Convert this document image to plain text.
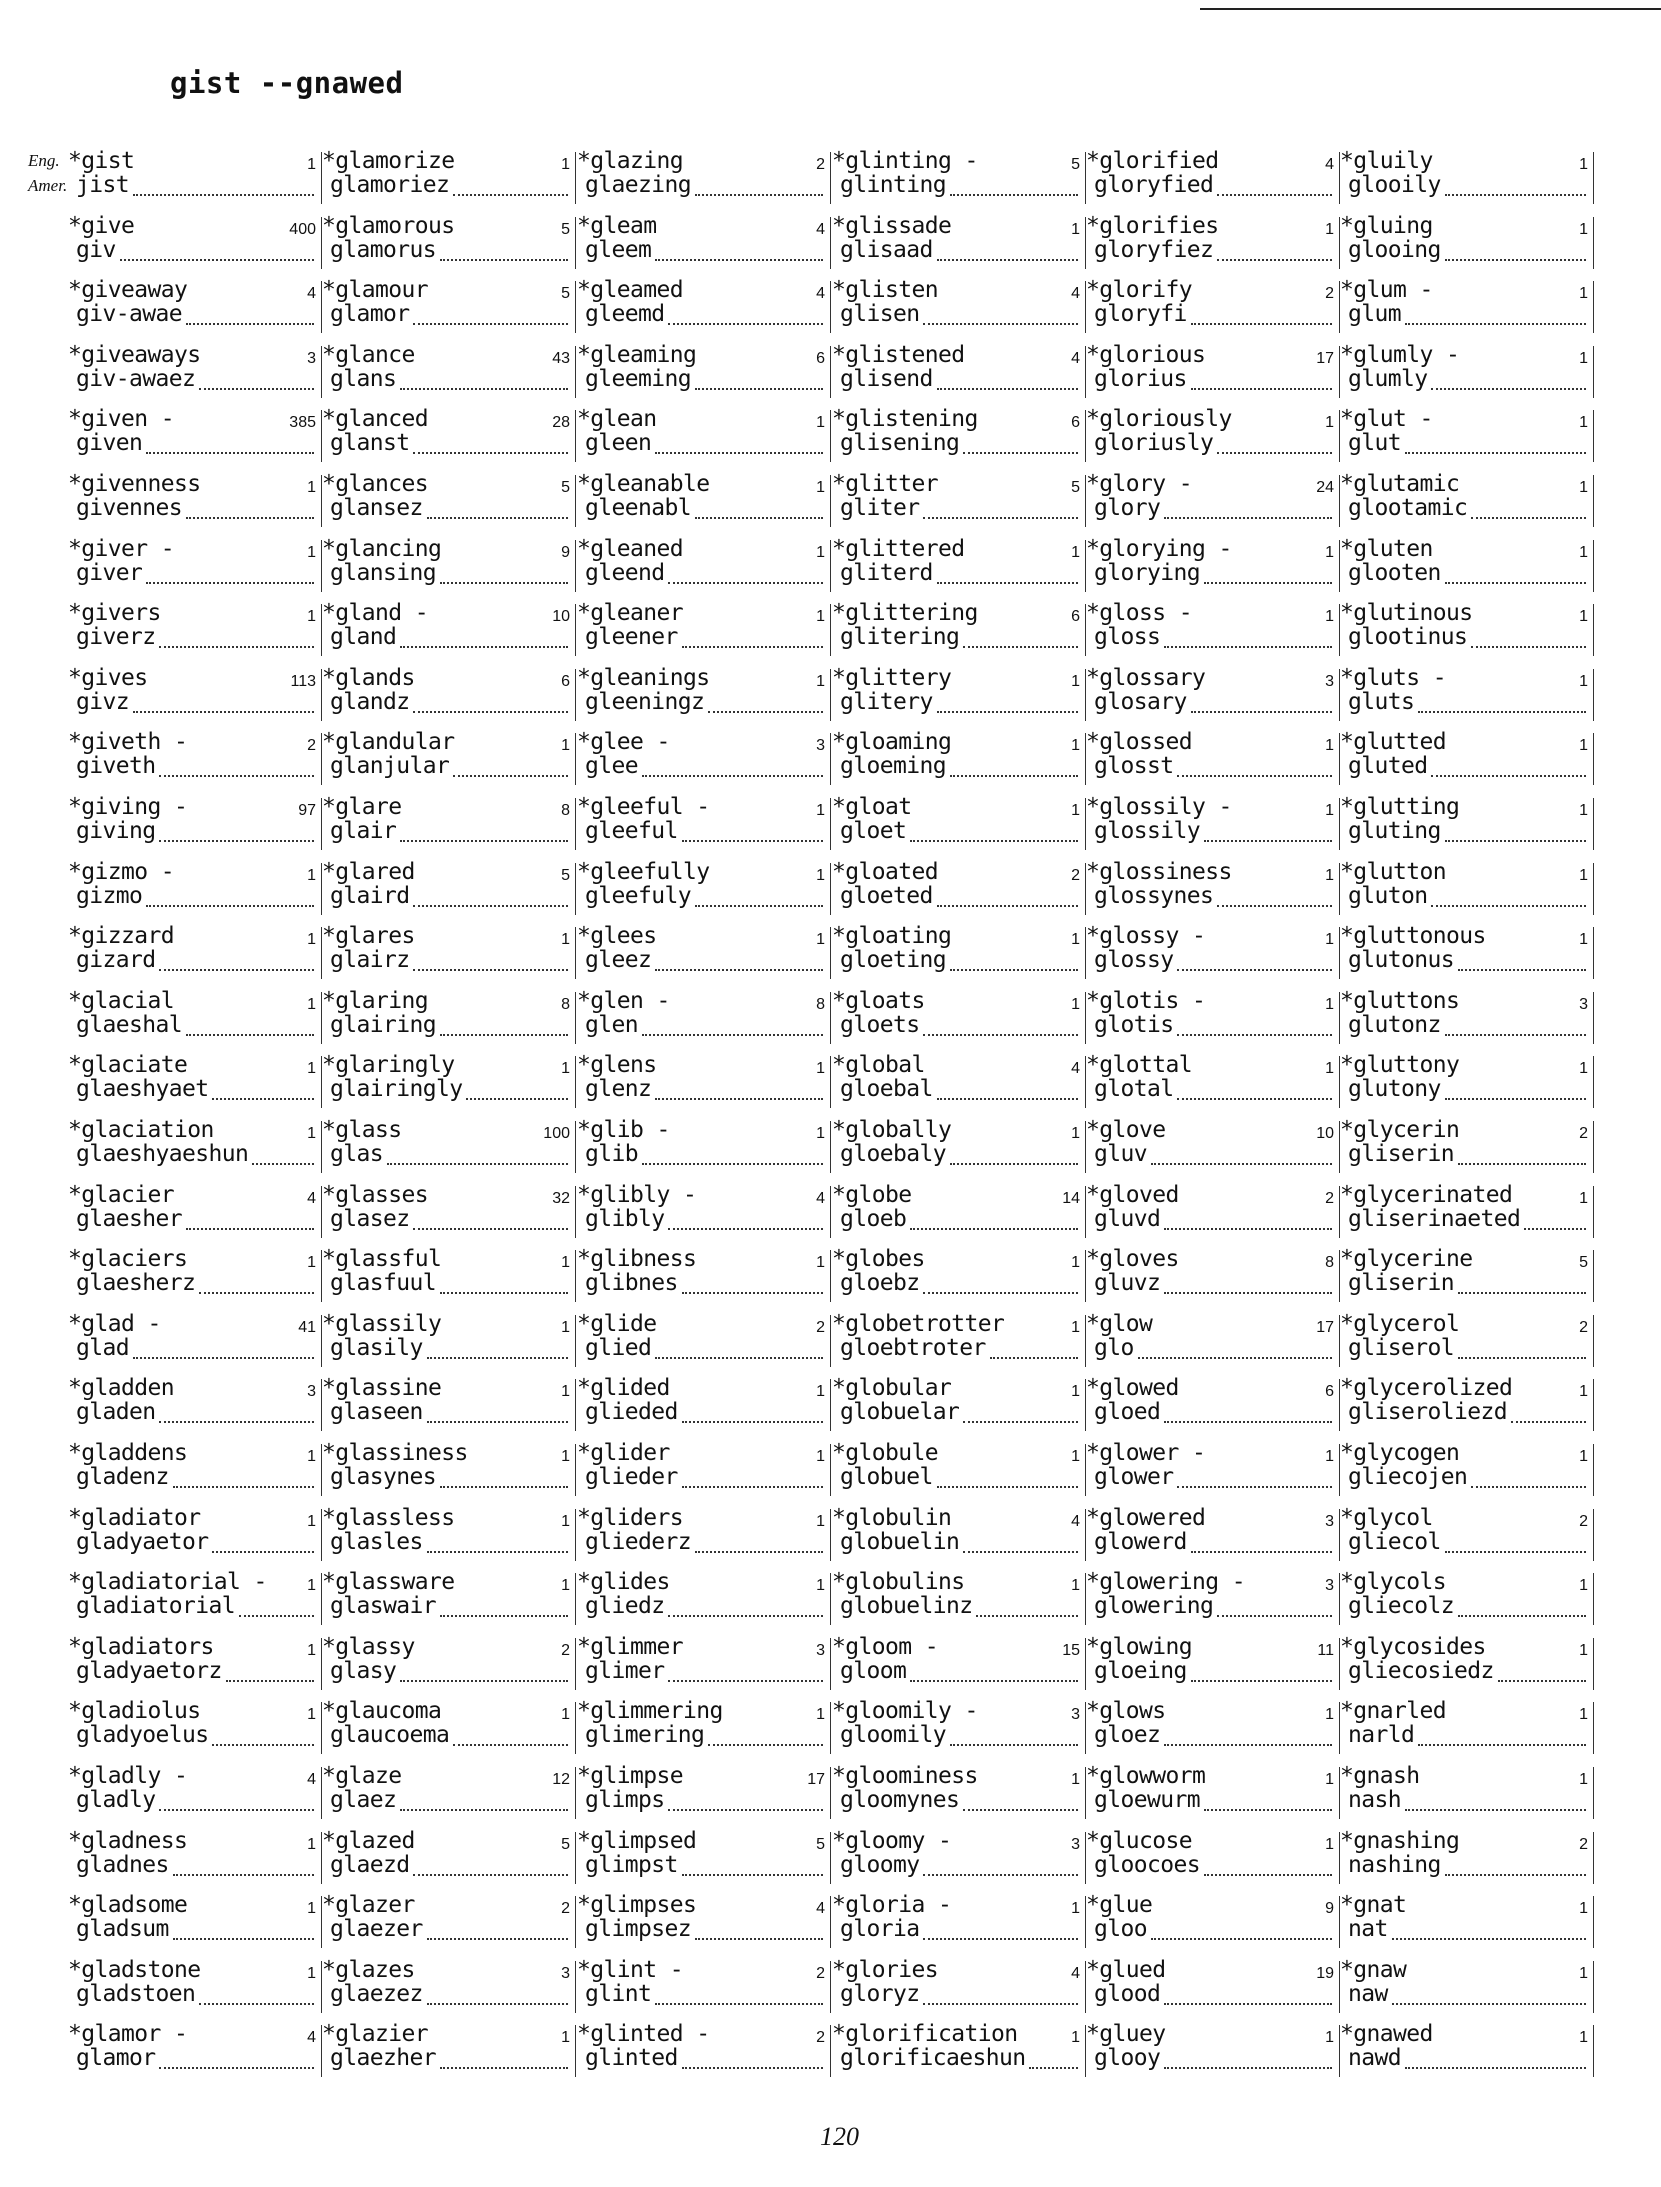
gist --gnawed
Eng.
Amer.
*gist
jist
1
*give
giv
400
*giveaway
giv-awae
4
*giveaways
giv-awaez
3
*given -
given
385
*givenness
givennes
1
*giver -
giver
1
*givers
giverz
1
*gives
givz
113
*giveth -
giveth
2
*giving -
giving
97
*gizmo -
gizmo
1
*gizzard
gizard
1
*glacial
glaeshal
1
*glaciate
glaeshyaet
1
*glaciation
glaeshyaeshun
1
*glacier
glaesher
4
*glaciers
glaesherz
1
*glad -
glad
41
*gladden
gladen
3
*gladdens
gladenz
1
*gladiator
gladyaetor
1
*gladiatorial -
gladiatorial
1
*gladiators
gladyaetorz
1
*gladiolus
gladyoelus
1
*gladly -
gladly
4
*gladness
gladnes
1
*gladsome
gladsum
1
*gladstone
gladstoen
1
*glamor -
glamor
4
*glamorize
glamoriez
1
*glamorous
glamorus
5
*glamour
glamor
5
*glance
glans
43
*glanced
glanst
28
*glances
glansez
5
*glancing
glansing
9
*gland -
gland
10
*glands
glandz
6
*glandular
glanjular
1
*glare
glair
8
*glared
glaird
5
*glares
glairz
1
*glaring
glairing
8
*glaringly
glairingly
1
*glass
glas
100
*glasses
glasez
32
*glassful
glasfuul
1
*glassily
glasily
1
*glassine
glaseen
1
*glassiness
glasynes
1
*glassless
glasles
1
*glassware
glaswair
1
*glassy
glasy
2
*glaucoma
glaucoema
1
*glaze
glaez
12
*glazed
glaezd
5
*glazer
glaezer
2
*glazes
glaezez
3
*glazier
glaezher
1
*glazing
glaezing
2
*gleam
gleem
4
*gleamed
gleemd
4
*gleaming
gleeming
6
*glean
gleen
1
*gleanable
gleenabl
1
*gleaned
gleend
1
*gleaner
gleener
1
*gleanings
gleeningz
1
*glee -
glee
3
*gleeful -
gleeful
1
*gleefully
gleefuly
1
*glees
gleez
1
*glen -
glen
8
*glens
glenz
1
*glib -
glib
1
*glibly -
glibly
4
*glibness
glibnes
1
*glide
glied
2
*glided
glieded
1
*glider
glieder
1
*gliders
gliederz
1
*glides
gliedz
1
*glimmer
glimer
3
*glimmering
glimering
1
*glimpse
glimps
17
*glimpsed
glimpst
5
*glimpses
glimpsez
4
*glint -
glint
2
*glinted -
glinted
2
*glinting -
glinting
5
*glissade
glisaad
1
*glisten
glisen
4
*glistened
glisend
4
*glistening
glisening
6
*glitter
gliter
5
*glittered
gliterd
1
*glittering
glitering
6
*glittery
glitery
1
*gloaming
gloeming
1
*gloat
gloet
1
*gloated
gloeted
2
*gloating
gloeting
1
*gloats
gloets
1
*global
gloebal
4
*globally
gloebaly
1
*globe
gloeb
14
*globes
gloebz
1
*globetrotter
gloebtroter
1
*globular
globuelar
1
*globule
globuel
1
*globulin
globuelin
4
*globulins
globuelinz
1
*gloom -
gloom
15
*gloomily -
gloomily
3
*gloominess
gloomynes
1
*gloomy -
gloomy
3
*gloria -
gloria
1
*glories
gloryz
4
*glorification
glorificaeshun
1
*glorified
gloryfied
4
*glorifies
gloryfiez
1
*glorify
gloryfi
2
*glorious
glorius
17
*gloriously
gloriusly
1
*glory -
glory
24
*glorying -
glorying
1
*gloss -
gloss
1
*glossary
glosary
3
*glossed
glosst
1
*glossily -
glossily
1
*glossiness
glossynes
1
*glossy -
glossy
1
*glotis -
glotis
1
*glottal
glotal
1
*glove
gluv
10
*gloved
gluvd
2
*gloves
gluvz
8
*glow
glo
17
*glowed
gloed
6
*glower -
glower
1
*glowered
glowerd
3
*glowering -
glowering
3
*glowing
gloeing
11
*glows
gloez
1
*glowworm
gloewurm
1
*glucose
gloocoes
1
*glue
gloo
9
*glued
glood
19
*gluey
glooy
1
*gluily
glooily
1
*gluing
glooing
1
*glum -
glum
1
*glumly -
glumly
1
*glut -
glut
1
*glutamic
glootamic
1
*gluten
glooten
1
*glutinous
glootinus
1
*gluts -
gluts
1
*glutted
gluted
1
*glutting
gluting
1
*glutton
gluton
1
*gluttonous
glutonus
1
*gluttons
glutonz
3
*gluttony
glutony
1
*glycerin
gliserin
2
*glycerinated
gliserinaeted
1
*glycerine
gliserin
5
*glycerol
gliserol
2
*glycerolized
gliseroliezd
1
*glycogen
gliecojen
1
*glycol
gliecol
2
*glycols
gliecolz
1
*glycosides
gliecosiedz
1
*gnarled
narld
1
*gnash
nash
1
*gnashing
nashing
2
*gnat
nat
1
*gnaw
naw
1
*gnawed
nawd
1
120
